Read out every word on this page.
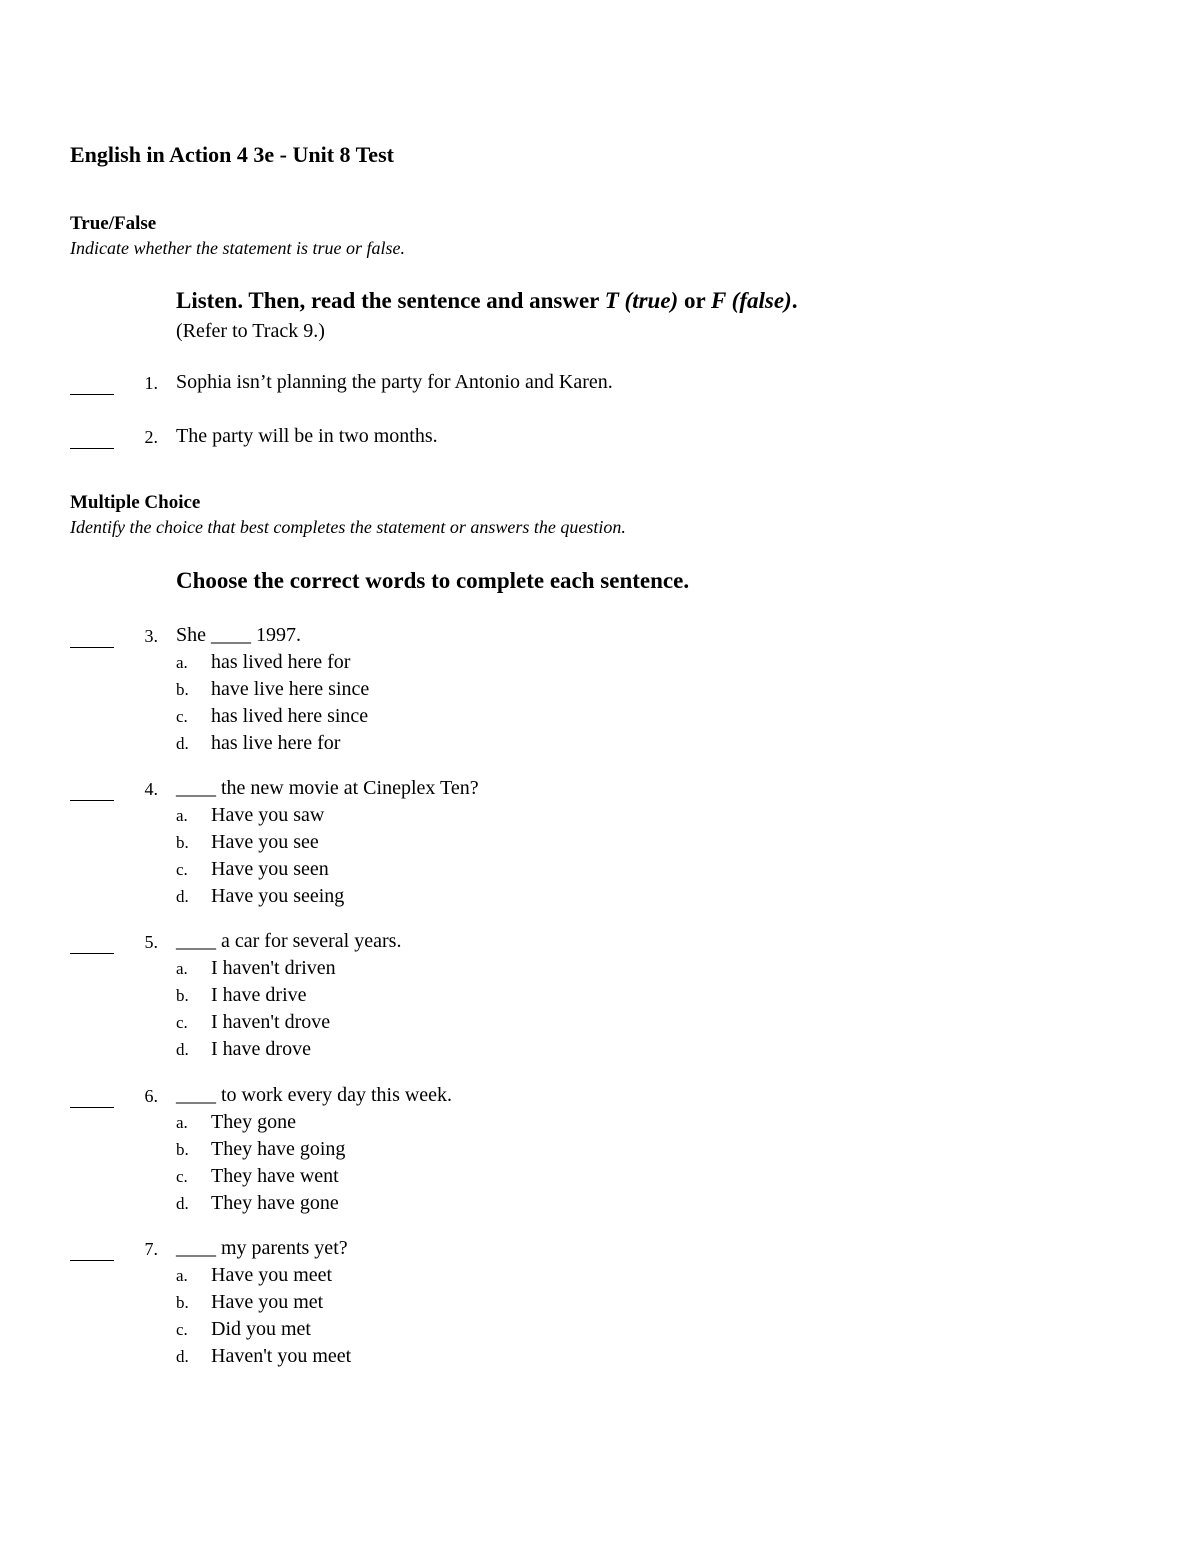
English in Action 4 3e - Unit 8 Test
True/False
Indicate whether the statement is true or false.
Listen. Then, read the sentence and answer T (true) or F (false).
(Refer to Track 9.)
1. Sophia isn’t planning the party for Antonio and Karen.
2. The party will be in two months.
Multiple Choice
Identify the choice that best completes the statement or answers the question.
Choose the correct words to complete each sentence.
3. She ____ 1997.
a. has lived here for
b. have live here since
c. has lived here since
d. has live here for
4. ____ the new movie at Cineplex Ten?
a. Have you saw
b. Have you see
c. Have you seen
d. Have you seeing
5. ____ a car for several years.
a. I haven't driven
b. I have drive
c. I haven't drove
d. I have drove
6. ____ to work every day this week.
a. They gone
b. They have going
c. They have went
d. They have gone
7. ____ my parents yet?
a. Have you meet
b. Have you met
c. Did you met
d. Haven't you meet
